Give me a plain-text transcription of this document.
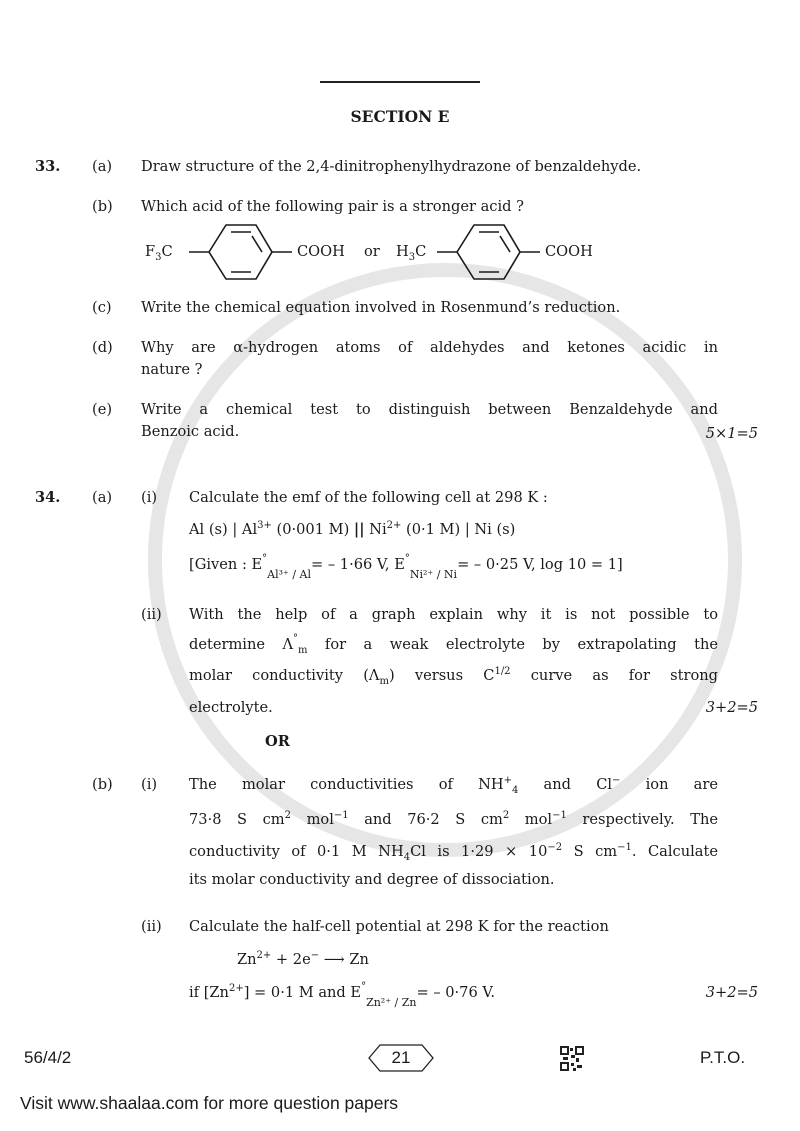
SECTION E
33. (a) Draw structure of the 2,4-dinitrophenylhydrazone of benzaldehyde.
(b) Which acid of the following pair is a stronger acid ?
$F_3C$	COOH or $H_3C$	COOH
(c) Write the chemical equation involved in Rosenmund’s reduction.
(d) Why are α-hydrogen atoms of aldehydes and ketones acidic in
nature ?
(e) Write a chemical test to distinguish between Benzaldehyde and
Benzoic acid.	5×1=5
34. (a) (i) Calculate the emf of the following cell at 298 K :
Al (s) | $Al^{3+}$ (0·001 M) || $Ni^{2+}$ (0·1 M) | Ni (s)
[Given : $E^\circ_{Al^{3+} / Al}= - 1\cdot 66$ V, $E^\circ_{Ni^{2+} / Ni}= - 0\cdot 25$ V, log 10 = 1]
(ii) With the help of a graph explain why it is not possible to
determine $\Lambda^\circ_m$ for a weak electrolyte by extrapolating the
molar conductivity $(\Lambda_m)$ versus $C^{1/2}$ curve as for strong
electrolyte.	3+2=5
OR
(b) (i) The molar conductivities of $NH^+_4$ and Cl− ion are
73·8 S $cm^2$ mol$^{-1}$ and 76·2 S $cm^2$ mol$^{-1}$ respectively. The
conductivity of 0·1 M $NH_4Cl$ is $1\cdot 29 \times 10^{-2}$ S $cm^{-1}$. Calculate
its molar conductivity and degree of dissociation.
(ii) Calculate the half-cell potential at 298 K for the reaction
$Zn^{2+} + 2e^-$ ⟶ Zn
if $[Zn^{2+}] = 0\cdot 1$ M and $E^\circ_{Zn^{2+} / Zn}= - 0\cdot 76$ V.	3+2=5
56/4/2	21	P.T.O.
Visit www.shaalaa.com for more question papers
